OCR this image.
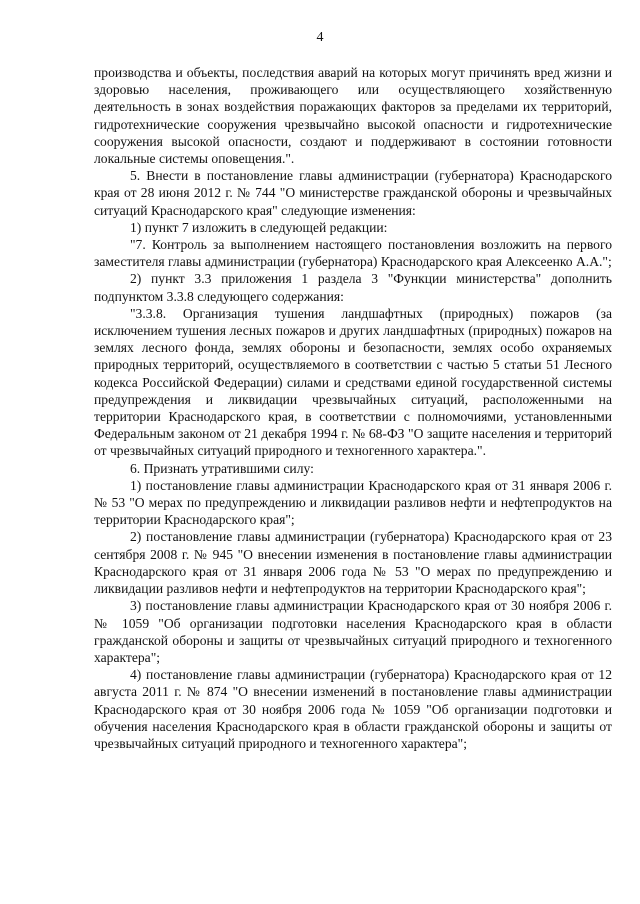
4

производства и объекты, последствия аварий на которых могут причинять вред жизни и здоровью населения, проживающего или осуществляющего хозяйственную деятельность в зонах воздействия поражающих факторов за пределами их территорий, гидротехнические сооружения чрезвычайно высокой опасности и гидротехнические сооружения высокой опасности, создают и поддерживают в состоянии готовности локальные системы оповещения.".

5. Внести в постановление главы администрации (губернатора) Краснодарского края от 28 июня 2012 г. № 744 "О министерстве гражданской обороны и чрезвычайных ситуаций Краснодарского края" следующие изменения:

1) пункт 7 изложить в следующей редакции:

"7. Контроль за выполнением настоящего постановления возложить на первого заместителя главы администрации (губернатора) Краснодарского края Алексеенко А.А.";

2) пункт 3.3 приложения 1 раздела 3 "Функции министерства" дополнить подпунктом 3.3.8 следующего содержания:

"3.3.8. Организация тушения ландшафтных (природных) пожаров (за исключением тушения лесных пожаров и других ландшафтных (природных) пожаров на землях лесного фонда, землях обороны и безопасности, землях особо охраняемых природных территорий, осуществляемого в соответствии с частью 5 статьи 51 Лесного кодекса Российской Федерации) силами и средствами единой государственной системы предупреждения и ликвидации чрезвычайных ситуаций, расположенными на территории Краснодарского края, в соответствии с полномочиями, установленными Федеральным законом от 21 декабря 1994 г. № 68-ФЗ "О защите населения и территорий от чрезвычайных ситуаций природного и техногенного характера.".

6. Признать утратившими силу:

1) постановление главы администрации Краснодарского края от 31 января 2006 г. № 53 "О мерах по предупреждению и ликвидации разливов нефти и нефтепродуктов на территории Краснодарского края";

2) постановление главы администрации (губернатора) Краснодарского края от 23 сентября 2008 г. № 945 "О внесении изменения в постановление главы администрации Краснодарского края от 31 января 2006 года № 53 "О мерах по предупреждению и ликвидации разливов нефти и нефтепродуктов на территории Краснодарского края";

3) постановление главы администрации Краснодарского края от 30 ноября 2006 г. № 1059 "Об организации подготовки населения Краснодарского края в области гражданской обороны и защиты от чрезвычайных ситуаций природного и техногенного характера";

4) постановление главы администрации (губернатора) Краснодарского края от 12 августа 2011 г. № 874 "О внесении изменений в постановление главы администрации Краснодарского края от 30 ноября 2006 года № 1059 "Об организации подготовки и обучения населения Краснодарского края в области гражданской обороны и защиты от чрезвычайных ситуаций природного и техногенного характера";
